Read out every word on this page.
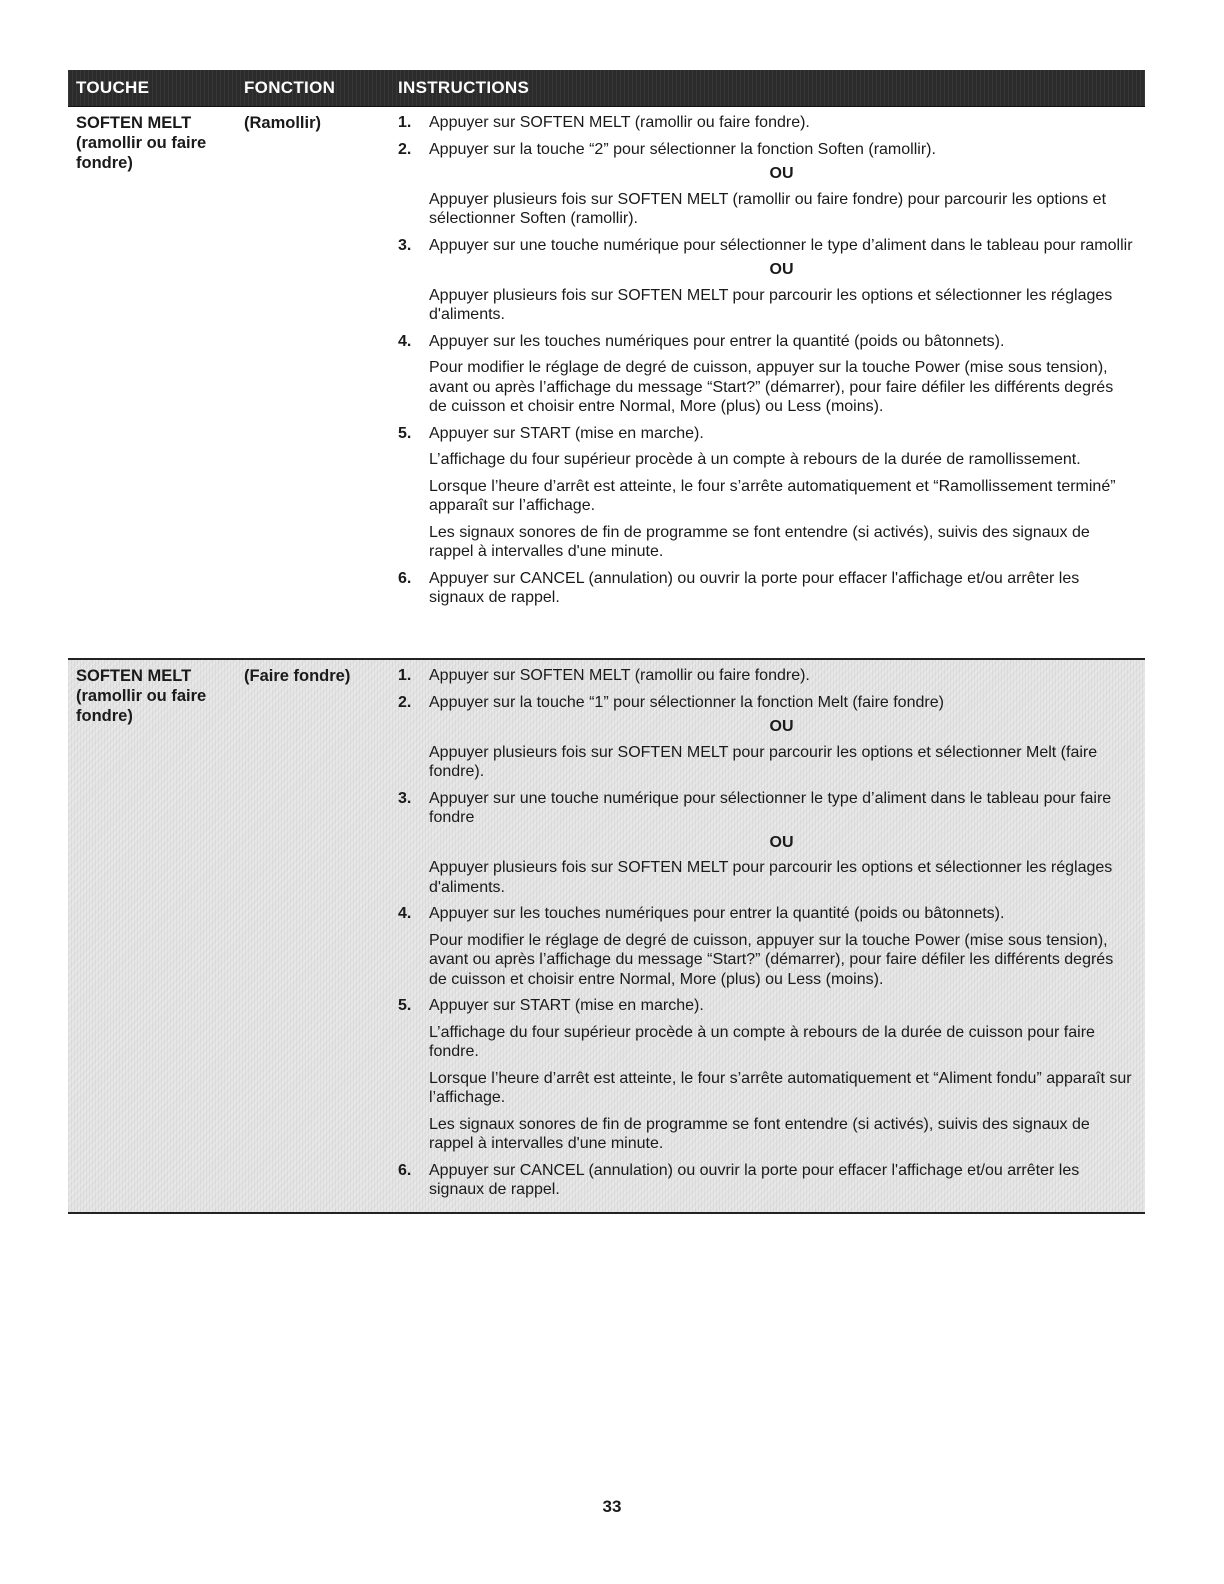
TOUCHE	FONCTION	INSTRUCTIONS
SOFTEN MELT
(ramollir ou faire
fondre)
(Ramollir)	1. Appuyer sur SOFTEN MELT (ramollir ou faire fondre).
2. Appuyer sur la touche “2” pour sélectionner la fonction Soften (ramollir).
OU
Appuyer plusieurs fois sur SOFTEN MELT (ramollir ou faire fondre) pour parcourir les options et sélectionner Soften (ramollir).
3. Appuyer sur une touche numérique pour sélectionner le type d’aliment dans le tableau pour ramollir
OU
Appuyer plusieurs fois sur SOFTEN MELT pour parcourir les options et sélectionner les réglages d'aliments.
4. Appuyer sur les touches numériques pour entrer la quantité (poids ou bâtonnets).
Pour modifier le réglage de degré de cuisson, appuyer sur la touche Power (mise sous tension), avant ou après l’affichage du message “Start?” (démarrer), pour faire défiler les différents degrés de cuisson et choisir entre Normal, More (plus) ou Less (moins).
5. Appuyer sur START (mise en marche).
L’affichage du four supérieur procède à un compte à rebours de la durée de ramollissement.
Lorsque l’heure d’arrêt est atteinte, le four s’arrête automatiquement et “Ramollissement terminé” apparaît sur l’affichage.
Les signaux sonores de fin de programme se font entendre (si activés), suivis des signaux de rappel à intervalles d'une minute.
6. Appuyer sur CANCEL (annulation) ou ouvrir la porte pour effacer l'affichage et/ou arrêter les signaux de rappel.
SOFTEN MELT
(ramollir ou faire
fondre)
(Faire fondre)	1. Appuyer sur SOFTEN MELT (ramollir ou faire fondre).
2. Appuyer sur la touche “1” pour sélectionner la fonction Melt (faire fondre)
OU
Appuyer plusieurs fois sur SOFTEN MELT pour parcourir les options et sélectionner Melt (faire fondre).
3. Appuyer sur une touche numérique pour sélectionner le type d’aliment dans le tableau pour faire fondre
OU
Appuyer plusieurs fois sur SOFTEN MELT pour parcourir les options et sélectionner les réglages d'aliments.
4. Appuyer sur les touches numériques pour entrer la quantité (poids ou bâtonnets).
Pour modifier le réglage de degré de cuisson, appuyer sur la touche Power (mise sous tension), avant ou après l’affichage du message “Start?” (démarrer), pour faire défiler les différents degrés de cuisson et choisir entre Normal, More (plus) ou Less (moins).
5. Appuyer sur START (mise en marche).
L’affichage du four supérieur procède à un compte à rebours de la durée de cuisson pour faire fondre.
Lorsque l’heure d’arrêt est atteinte, le four s’arrête automatiquement et “Aliment fondu” apparaît sur l’affichage.
Les signaux sonores de fin de programme se font entendre (si activés), suivis des signaux de rappel à intervalles d'une minute.
6. Appuyer sur CANCEL (annulation) ou ouvrir la porte pour effacer l'affichage et/ou arrêter les signaux de rappel.
33
